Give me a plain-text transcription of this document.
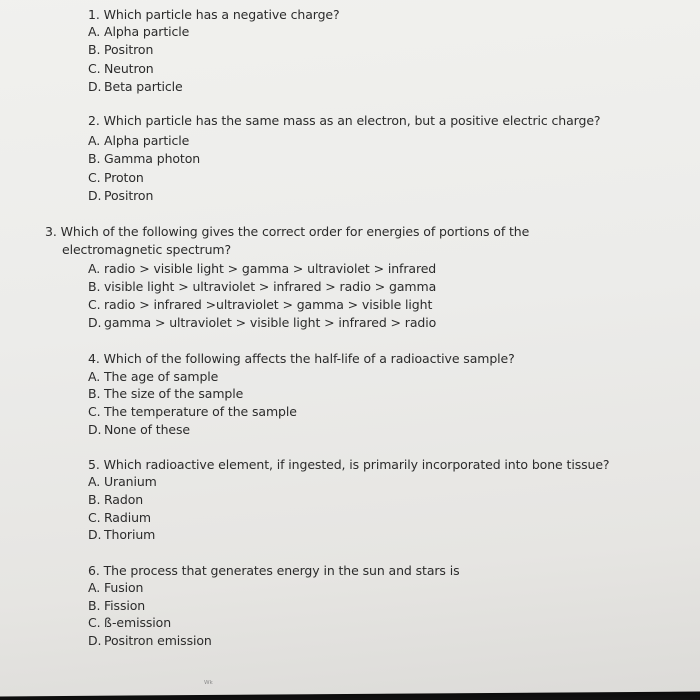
1. Which particle has a negative charge?
A. Alpha particle
B. Positron
C. Neutron
D. Beta particle
2. Which particle has the same mass as an electron, but a positive electric charge?
A. Alpha particle
B. Gamma photon
C. Proton
D. Positron
3. Which of the following gives the correct order for energies of portions of the
electromagnetic spectrum?
A. radio > visible light > gamma > ultraviolet > infrared
B. visible light > ultraviolet > infrared > radio > gamma
C. radio > infrared >ultraviolet > gamma > visible light
D. gamma > ultraviolet > visible light > infrared > radio
4. Which of the following affects the half-life of a radioactive sample?
A. The age of sample
B. The size of the sample
C. The temperature of the sample
D. None of these
5. Which radioactive element, if ingested, is primarily incorporated into bone tissue?
A. Uranium
B. Radon
C. Radium
D. Thorium
6. The process that generates energy in the sun and stars is
A. Fusion
B. Fission
C. ß-emission
D. Positron emission
ᵂᵏ
